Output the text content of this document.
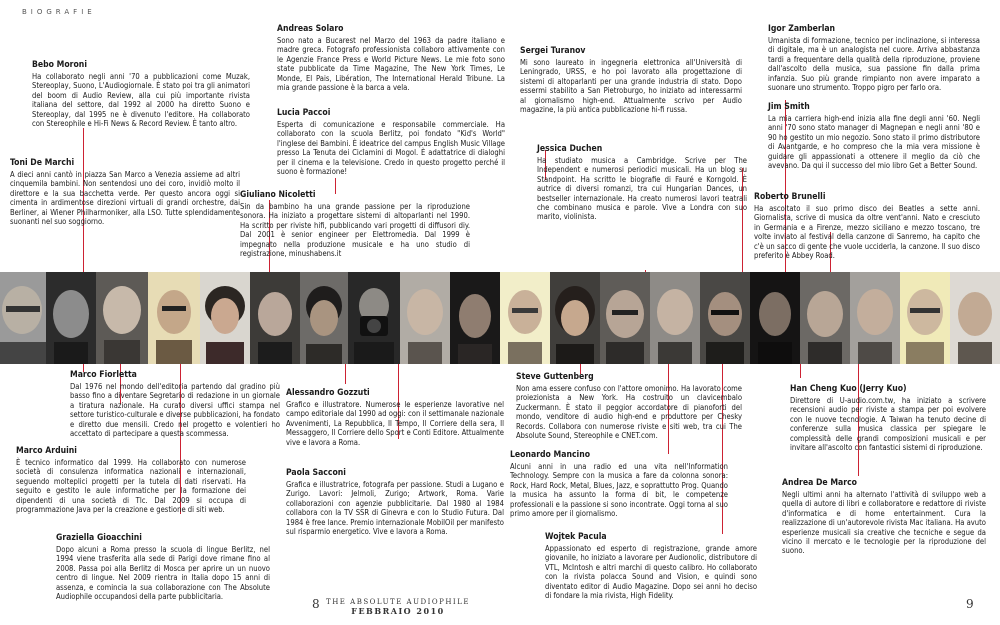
BIOGRAFIE
Bebo Moroni
Ha collaborato negli anni '70 a pubblicazioni come Muzak, Stereoplay, Suono, L'Audiogiornale. È stato poi tra gli animatori del boom di Audio Review, alla cui più importante rivista italiana del settore, dal 1992 al 2000 ha diretto Suono e Stereoplay, dal 1995 ne è divenuto l'editore. Ha collaborato con Stereophile e Hi-Fi News & Record Review. È tanto altro.
Toni De Marchi
A dieci anni cantò in piazza San Marco a Venezia assieme ad altri cinquemila bambini. Non sentendosi uno dei coro, invidiò molto il direttore e la sua bacchetta verde. Per questo ancora oggi si cimenta in ardimentose direzioni virtuali di grandi orchestre, dai Berliner, ai Wiener Philharmoniker, alla LSO. Tutte splendidamente suonanti nel suo soggiorno.
Andreas Solaro
Sono nato a Bucarest nel Marzo del 1963 da padre italiano e madre greca. Fotografo professionista collaboro attivamente con le Agenzie France Press e World Picture News. Le mie foto sono state pubblicate da Time Magazine, The New York Times, Le Monde, El Pais, Libération, The International Herald Tribune. La mia grande passione è la barca a vela.
Lucia Paccoi
Esperta di comunicazione e responsabile commerciale. Ha collaborato con la scuola Berlitz, poi fondato "Kid's World" l'inglese dei Bambini. È ideatrice del campus English Music Village presso La Tenuta dei Ciclamini di Mogol. È adattatrice di dialoghi per il cinema e la televisione. Credo in questo progetto perché il suono è formazione!
Giuliano Nicoletti
Sin da bambino ha una grande passione per la riproduzione sonora. Ha iniziato a progettare sistemi di altoparlanti nel 1990. Ha scritto per riviste hifi, pubblicando vari progetti di diffusori diy. Dal 2001 è senior engineer per Elettromedia. Dal 1999 è impegnato nella produzione musicale e ha uno studio di registrazione, minushabens.it
Sergei Turanov
Mi sono laureato in ingegneria elettronica all'Università di Leningrado, URSS, e ho poi lavorato alla progettazione di sistemi di altoparlanti per una grande industria di stato. Dopo essermi stabilito a San Pietroburgo, ho iniziato ad interessarmi al giornalismo high-end. Attualmente scrivo per Audio magazine, la più antica pubblicazione hi-fi russa.
Jessica Duchen
Ha studiato musica a Cambridge. Scrive per The Independent e numerosi periodici musicali. Ha un blog su Standpoint. Ha scritto le biografie di Fauré e Korngold. È autrice di diversi romanzi, tra cui Hungarian Dances, un bestseller internazionale. Ha creato numerosi lavori teatrali che combinano musica e parole. Vive a Londra con suo marito, violinista.
Igor Zamberlan
Umanista di formazione, tecnico per inclinazione, si interessa di digitale, ma è un analogista nel cuore. Arriva abbastanza tardi a frequentare della qualità della riproduzione, proviene dall'ascolto della musica, sua passione fin dalla prima infanzia. Suo più grande rimpianto non avere imparato a suonare uno strumento. Troppo pigro per farlo ora.
Jim Smith
La mia carriera high-end inizia alla fine degli anni '60. Negli anni '70 sono stato manager di Magnepan e negli anni '80 e 90 ho gestito un mio negozio. Sono stato il primo distributore di Avantgarde, e ho compreso che la mia vera missione è guidare gli appassionati a ottenere il meglio da ciò che avevano. Da qui il successo del mio libro Get a Better Sound.
Roberto Brunelli
Ha ascoltato il suo primo disco dei Beatles a sette anni. Giornalista, scrive di musica da oltre vent'anni. Nato e cresciuto in Germania e a Firenze, mezzo siciliano e mezzo toscano, tre volte inviato al festival della canzone di Sanremo, ha capito che c'è un sacco di gente che vuole ucciderla, la canzone. Il suo disco preferito è Abbey Road.
Marco Fiorletta
Dal 1976 nel mondo dell'editoria partendo dal gradino più basso fino a diventare Segretario di redazione in un giornale a tiratura nazionale. Ha curato diversi uffici stampa nel settore turistico-culturale e diverse pubblicazioni, ha fondato e diretto due mensili. Credo nel progetto e volentieri ho accettato di partecipare a questa scommessa.
Marco Arduini
È tecnico informatico dal 1999. Ha collaborato con numerose società di consulenza informatica nazionali e internazionali, seguendo molteplici progetti per la tutela di dati riservati. Ha seguito e gestito le aule informatiche per la formazione dei dipendenti di una società di Tlc. Dal 2009 si occupa di programmazione Java per la creazione e gestione di siti web.
Graziella Gioacchini
Dopo alcuni a Roma presso la scuola di lingue Berlitz, nel 1994 viene trasferita alla sede di Parigi dove rimane fino al 2008. Passa poi alla Berlitz di Mosca per aprire un un nuovo centro di lingue. Nel 2009 rientra in Italia dopo 15 anni di assenza, e comincia la sua collaborazione con The Absolute Audiophile occupandosi della parte pubblicitaria.
Alessandro Gozzuti
Grafico e illustratore. Numerose le esperienze lavorative nel campo editoriale dal 1990 ad oggi: con il settimanale nazionale Avvenimenti, La Repubblica, Il Tempo, Il Corriere della sera, Il Messaggero, Il Corriere dello Sport e Conti Editore. Attualmente vive e lavora a Roma.
Paola Sacconi
Grafica e illustratrice, fotografa per passione. Studi a Lugano e Zurigo. Lavori: Jelmoli, Zurigo; Artwork, Roma. Varie collaborazioni con agenzie pubblicitarie. Dal 1980 al 1984 collabora con la TV SSR di Ginevra e con lo Studio Futura. Dal 1984 è free lance. Premio internazionale MobilOil per manifesto sul risparmio energetico. Vive e lavora a Roma.
Steve Guttenberg
Non ama essere confuso con l'attore omonimo. Ha lavorato come proiezionista a New York. Ha costruito un clavicembalo Zuckermann. È stato il peggior accordatore di pianoforti del mondo, venditore di audio high-end e produttore per Chesky Records. Collabora con numerose riviste e siti web, tra cui The Absolute Sound, Stereophile e CNET.com.
Leonardo Mancino
Alcuni anni in una radio ed una vita nell'Information Technology. Sempre con la musica a fare da colonna sonora: Rock, Hard Rock, Metal, Blues, Jazz, e soprattutto Prog. Quando la musica ha assunto la forma di bit, le competenze professionali e la passione si sono incontrate. Oggi torna al suo primo amore per il giornalismo.
Wojtek Pacula
Appassionato ed esperto di registrazione, grande amore giovanile, ho iniziato a lavorare per Audionolic, distributore di VTL, McIntosh e altri marchi di questo calibro. Ho collaborato con la rivista polacca Sound and Vision, e quindi sono diventato editor di Audio Magazine. Dopo sei anni ho deciso di fondare la mia rivista, High Fidelity.
Han Cheng Kuo (Jerry Kuo)
Direttore di U-audio.com.tw, ha iniziato a scrivere recensioni audio per riviste a stampa per poi evolvere con le nuove tecnologie. A Taiwan ha tenuto decine di conferenze sulla musica classica per spiegare le complessità delle grandi composizioni musicali e per invitare all'ascolto con fantastici sistemi di riproduzione.
Andrea De Marco
Negli ultimi anni ha alternato l'attività di sviluppo web a quella di autore di libri e collaboratore e redattore di riviste d'informatica e di home entertainment. Cura la realizzazione di un'autorevole rivista Mac italiana. Ha avuto esperienze musicali sia creative che tecniche e segue da vicino il mercato e le tecnologie per la riproduzione del suono.
8 THE ABSOLUTE AUDIOPHILE
FEBBRAIO 2010	9
